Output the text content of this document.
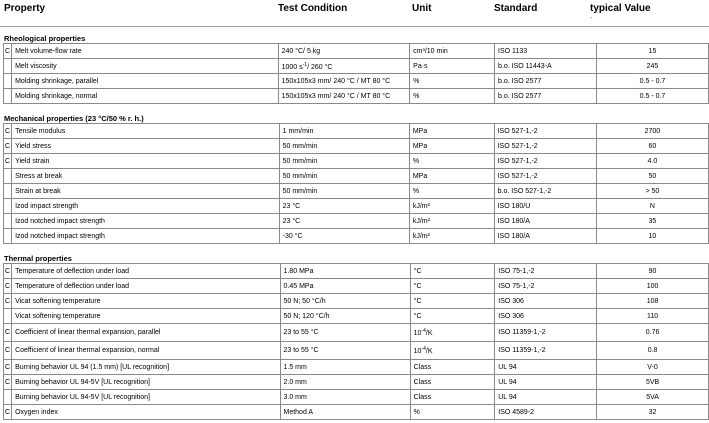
Property	Test Condition	Unit	Standard	typical Value
-
Rheological properties
C	Melt volume-flow rate	240 °C/ 5 kg	cm³/10 min	ISO 1133	15
	Melt viscosity	1000 $s^{-1}/$ 260 °C	Pa·s	b.o. ISO 11443-A	245
	Molding shrinkage, parallel	150x105x3 mm/ 240 °C / MT 80 °C	%	b.o. ISO 2577	0.5 - 0.7
	Molding shrinkage, normal	150x105x3 mm/ 240 °C / MT 80 °C	%	b.o. ISO 2577	0.5 - 0.7
Mechanical properties (23 °C/50 % r. h.)
C	Tensile modulus	1 mm/min	MPa	ISO 527-1,-2	2700
C	Yield stress	50 mm/min	MPa	ISO 527-1,-2	60
C	Yield strain	50 mm/min	%	ISO 527-1,-2	4.0
	Stress at break	50 mm/min	MPa	ISO 527-1,-2	50
	Strain at break	50 mm/min	%	b.o. ISO 527-1,-2	> 50
	Izod impact strength	23 °C	kJ/m²	ISO 180/U	N
	Izod notched impact strength	23 °C	kJ/m²	ISO 180/A	35
	Izod notched impact strength	-30 °C	kJ/m²	ISO 180/A	10
Thermal properties
C	Temperature of deflection under load	1.80 MPa	°C	ISO 75-1,-2	90
C	Temperature of deflection under load	0.45 MPa	°C	ISO 75-1,-2	100
C	Vicat softening temperature	50 N; 50 °C/h	°C	ISO 306	108
	Vicat softening temperature	50 N; 120 °C/h	°C	ISO 306	110
C	Coefficient of linear thermal expansion, parallel	23 to 55 °C	$10^{-4}/K$	ISO 11359-1,-2	0.76
C	Coefficient of linear thermal expansion, normal	23 to 55 °C	$10^{-4}/K$	ISO 11359-1,-2	0.8
C	Burning behavior UL 94 (1.5 mm) [UL recognition]	1.5 mm	Class	UL 94	V-0
C	Burning behavior UL 94-5V [UL recognition]	2.0 mm	Class	UL 94	5VB
	Burning behavior UL 94-5V [UL recognition]	3.0 mm	Class	UL 94	5VA
C	Oxygen index	Method A	%	ISO 4589-2	32
